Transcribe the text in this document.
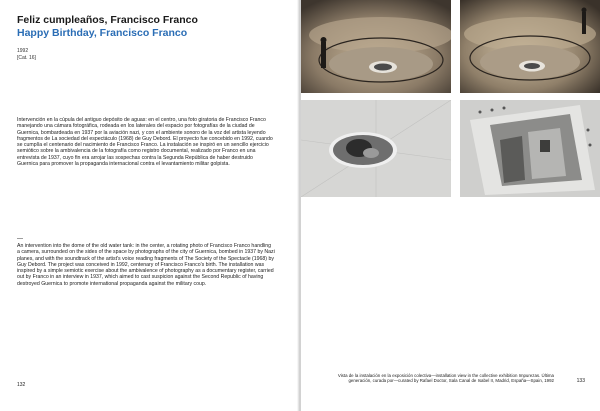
Feliz cumpleaños, Francisco Franco
Happy Birthday, Francisco Franco
1992
[Cat. 16]

Intervención en la cúpula del antiguo depósito de aguas: en el centro, una foto giratoria de Francisco Franco manejando una cámara fotográfica, rodeada en los laterales del espacio por fotografías de la ciudad de Guernica, bombardeada en 1937 por la aviación nazi, y con el ambiente sonoro de la voz del artista leyendo fragmentos de La sociedad del espectáculo (1968) de Guy Debord. El proyecto fue concebido en 1992, cuando se cumplía el centenario del nacimiento de Francisco Franco. La instalación se inspiró en un sencillo ejercicio semiótico sobre la ambivalencia de la fotografía como registro documental, realizado por Franco en una entrevista de 1937, cuyo fin era arrojar las sospechas contra la Segunda República de haber destruido Guernica para promover la propaganda internacional contra el levantamiento militar golpista.

—

An intervention into the dome of the old water tank: in the center, a rotating photo of Francisco Franco handling a camera, surrounded on the sides of the space by photographs of the city of Guernica, bombed in 1937 by Nazi planes, and with the soundtrack of the artist's voice reading fragments of The Society of the Spectacle (1968) by Guy Debord. The project was conceived in 1992, centenary of Francisco Franco's birth. The installation was inspired by a simple semiotic exercise about the ambivalence of photography as a documentary register, carried out by Franco in an interview in 1937, which aimed to cast suspicion against the Second Republic of having destroyed Guernica to promote international propaganda against the military coup.

132

Vista de la instalación en la exposición colectiva—installation view in the collective exhibition Impurezas. Última generación, curada por—curated by Rafael Doctor, Sala Canal de Isabel II, Madrid, España—Spain, 1992	133
